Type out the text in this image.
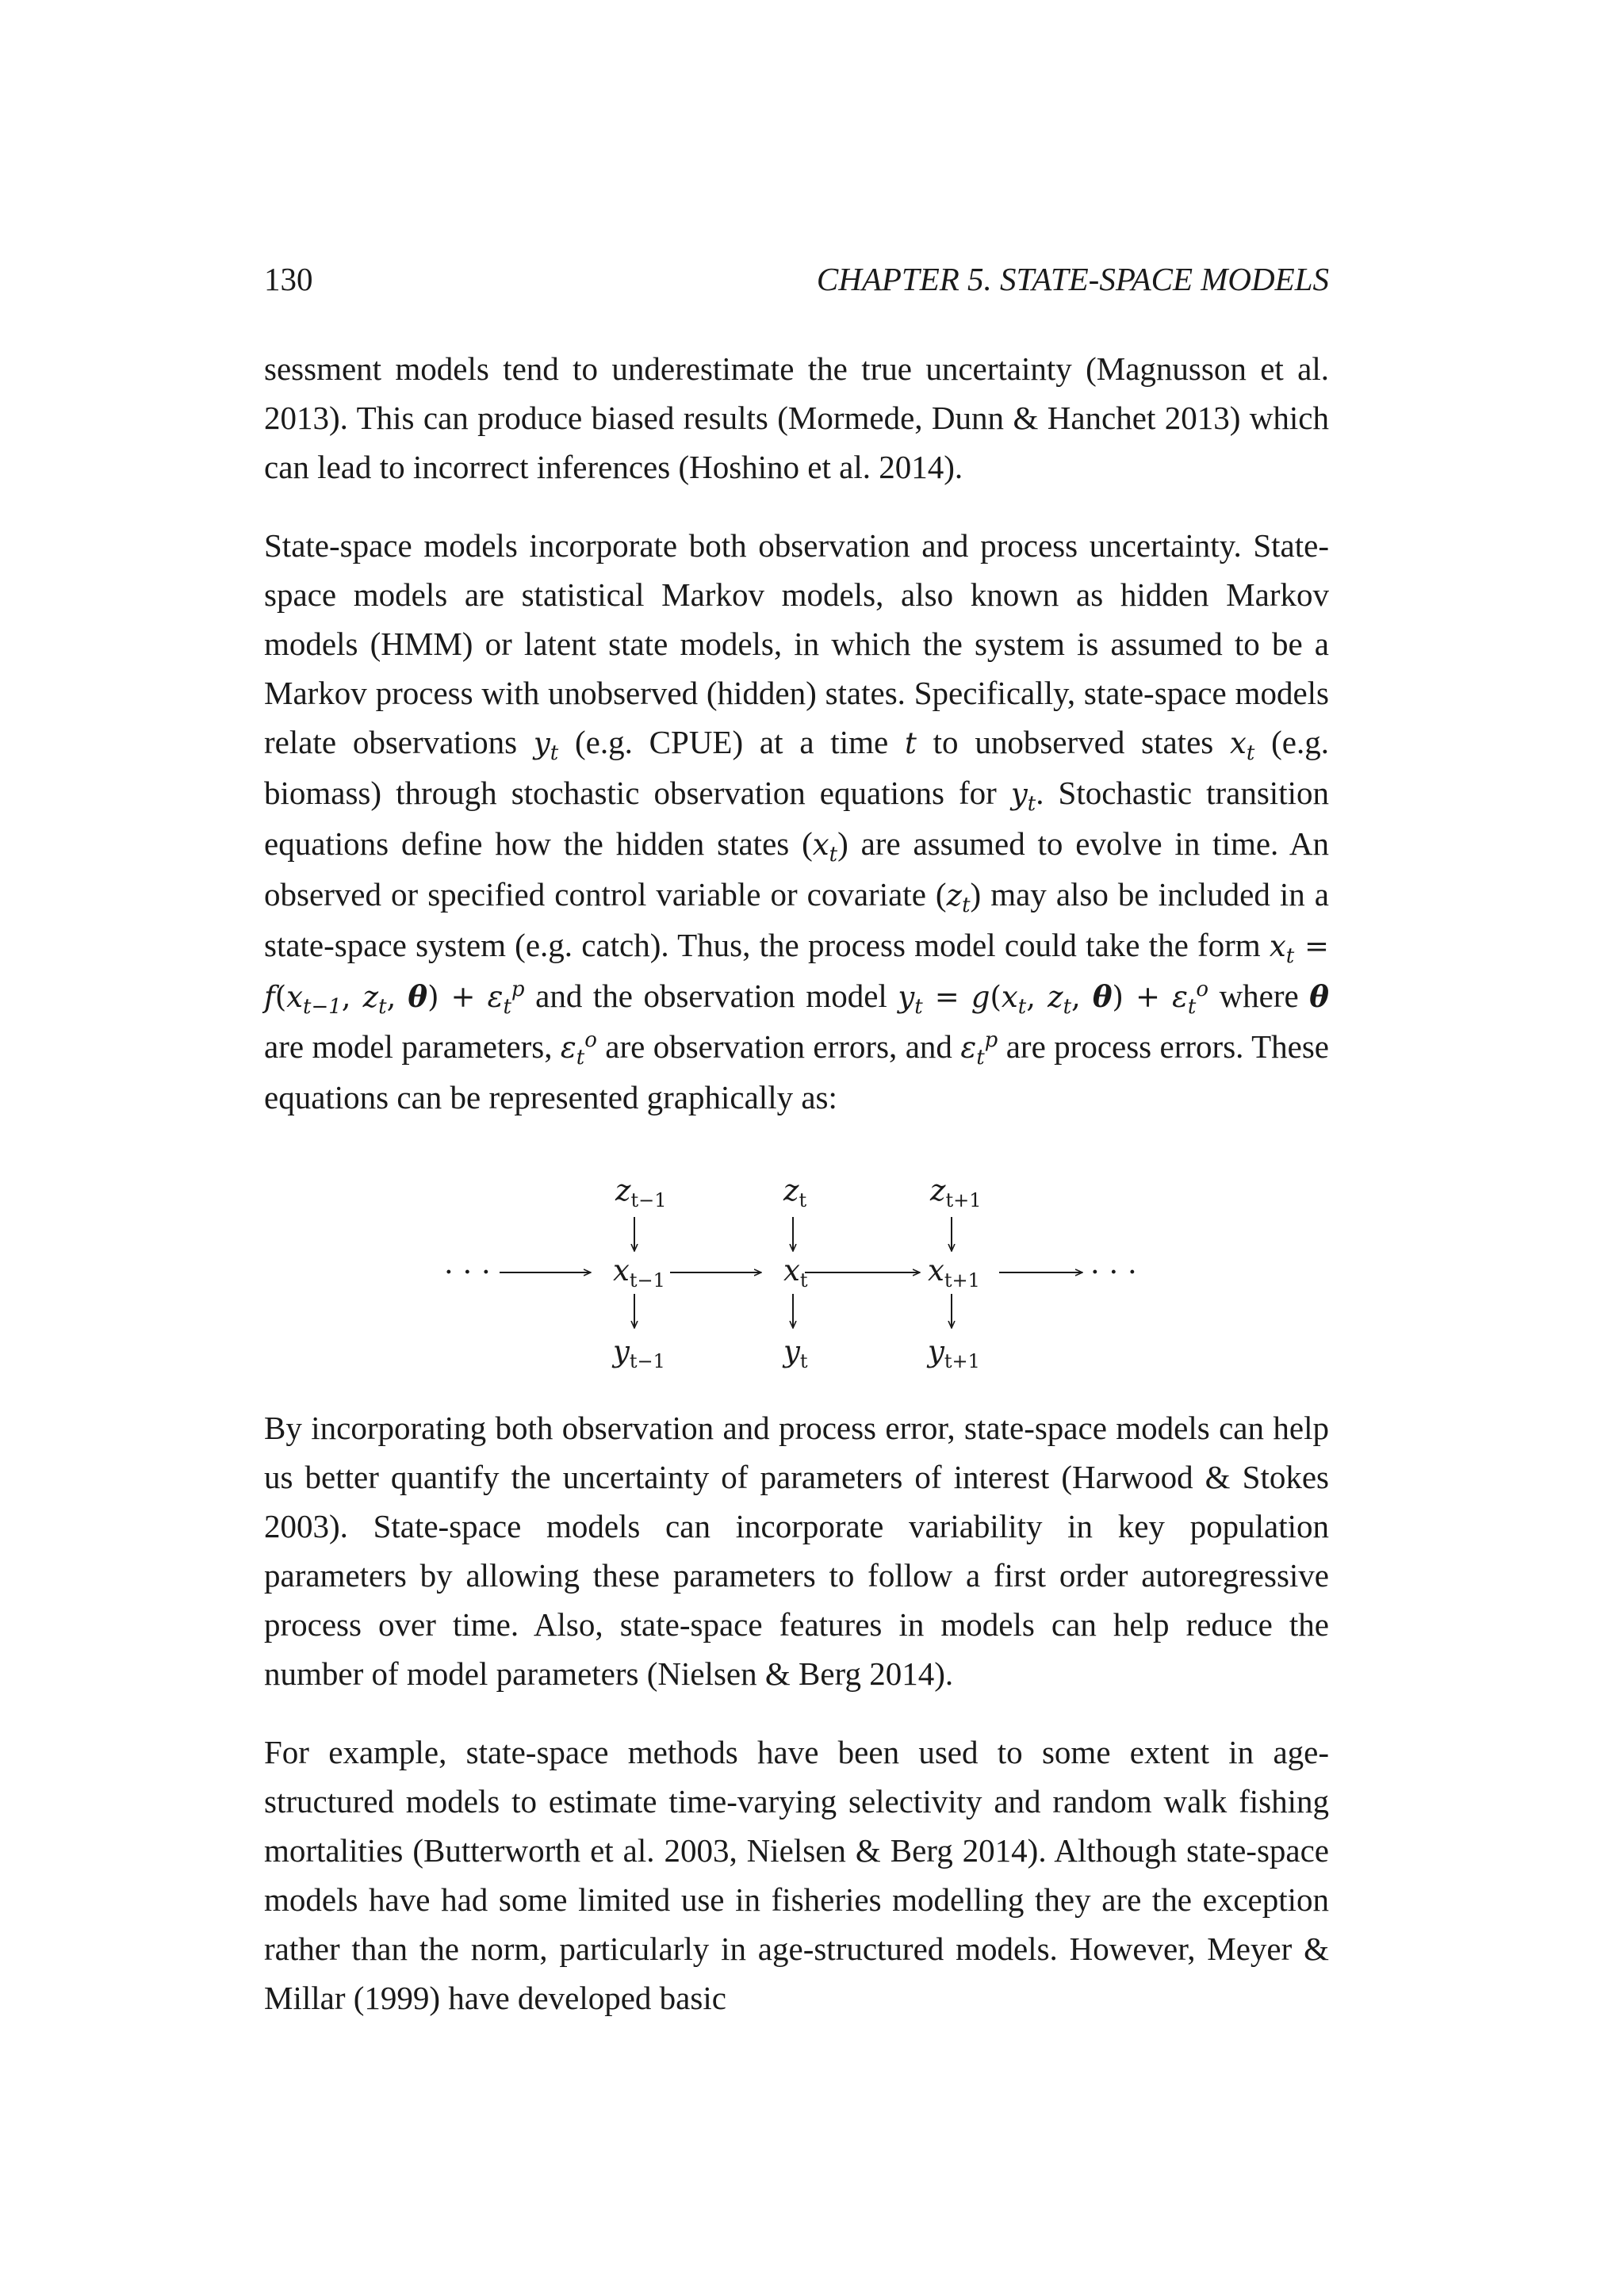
130	CHAPTER 5. STATE-SPACE MODELS

sessment models tend to underestimate the true uncertainty (Magnusson et al. 2013). This can produce biased results (Mormede, Dunn & Hanchet 2013) which can lead to incorrect inferences (Hoshino et al. 2014).

State-space models incorporate both observation and process uncertainty. State-space models are statistical Markov models, also known as hidden Markov models (HMM) or latent state models, in which the system is assumed to be a Markov process with unobserved (hidden) states. Specifically, state-space models relate observations $y_t$ (e.g. CPUE) at a time t to unobserved states $x_t$ (e.g. biomass) through stochastic observation equations for $y_t$. Stochastic transition equations define how the hidden states $(x_t)$ are assumed to evolve in time. An observed or specified control variable or covariate $(z_t)$ may also be included in a state-space system (e.g. catch). Thus, the process model could take the form $x_t = f(x_{t-1}$, $z_t$, $\theta) + \varepsilon_t^p$ and the observation model $y_t = g(x_t$, $z_t$, $\theta) + \varepsilon_t^o$ where θ are model parameters, $\varepsilon_t^o$ are observation errors, and $\varepsilon_t^p$ are process errors. These equations can be represented graphically as:

By incorporating both observation and process error, state-space models can help us better quantify the uncertainty of parameters of interest (Harwood & Stokes 2003). State-space models can incorporate variability in key population parameters by allowing these parameters to follow a first order autoregressive process over time. Also, state-space features in models can help reduce the number of model parameters (Nielsen & Berg 2014).

For example, state-space methods have been used to some extent in age-structured models to estimate time-varying selectivity and random walk fishing mortalities (Butterworth et al. 2003, Nielsen & Berg 2014). Although state-space models have had some limited use in fisheries modelling they are the exception rather than the norm, particularly in age-structured models. However, Meyer & Millar (1999) have developed basic

· · ·	· · ·
$z_{t-1}$	$z_t$	$z_{t+1}$
$x_{t-1}$	$x_t$	$x_{t+1}$
$y_{t-1}$	$y_t$	$y_{t+1}$
